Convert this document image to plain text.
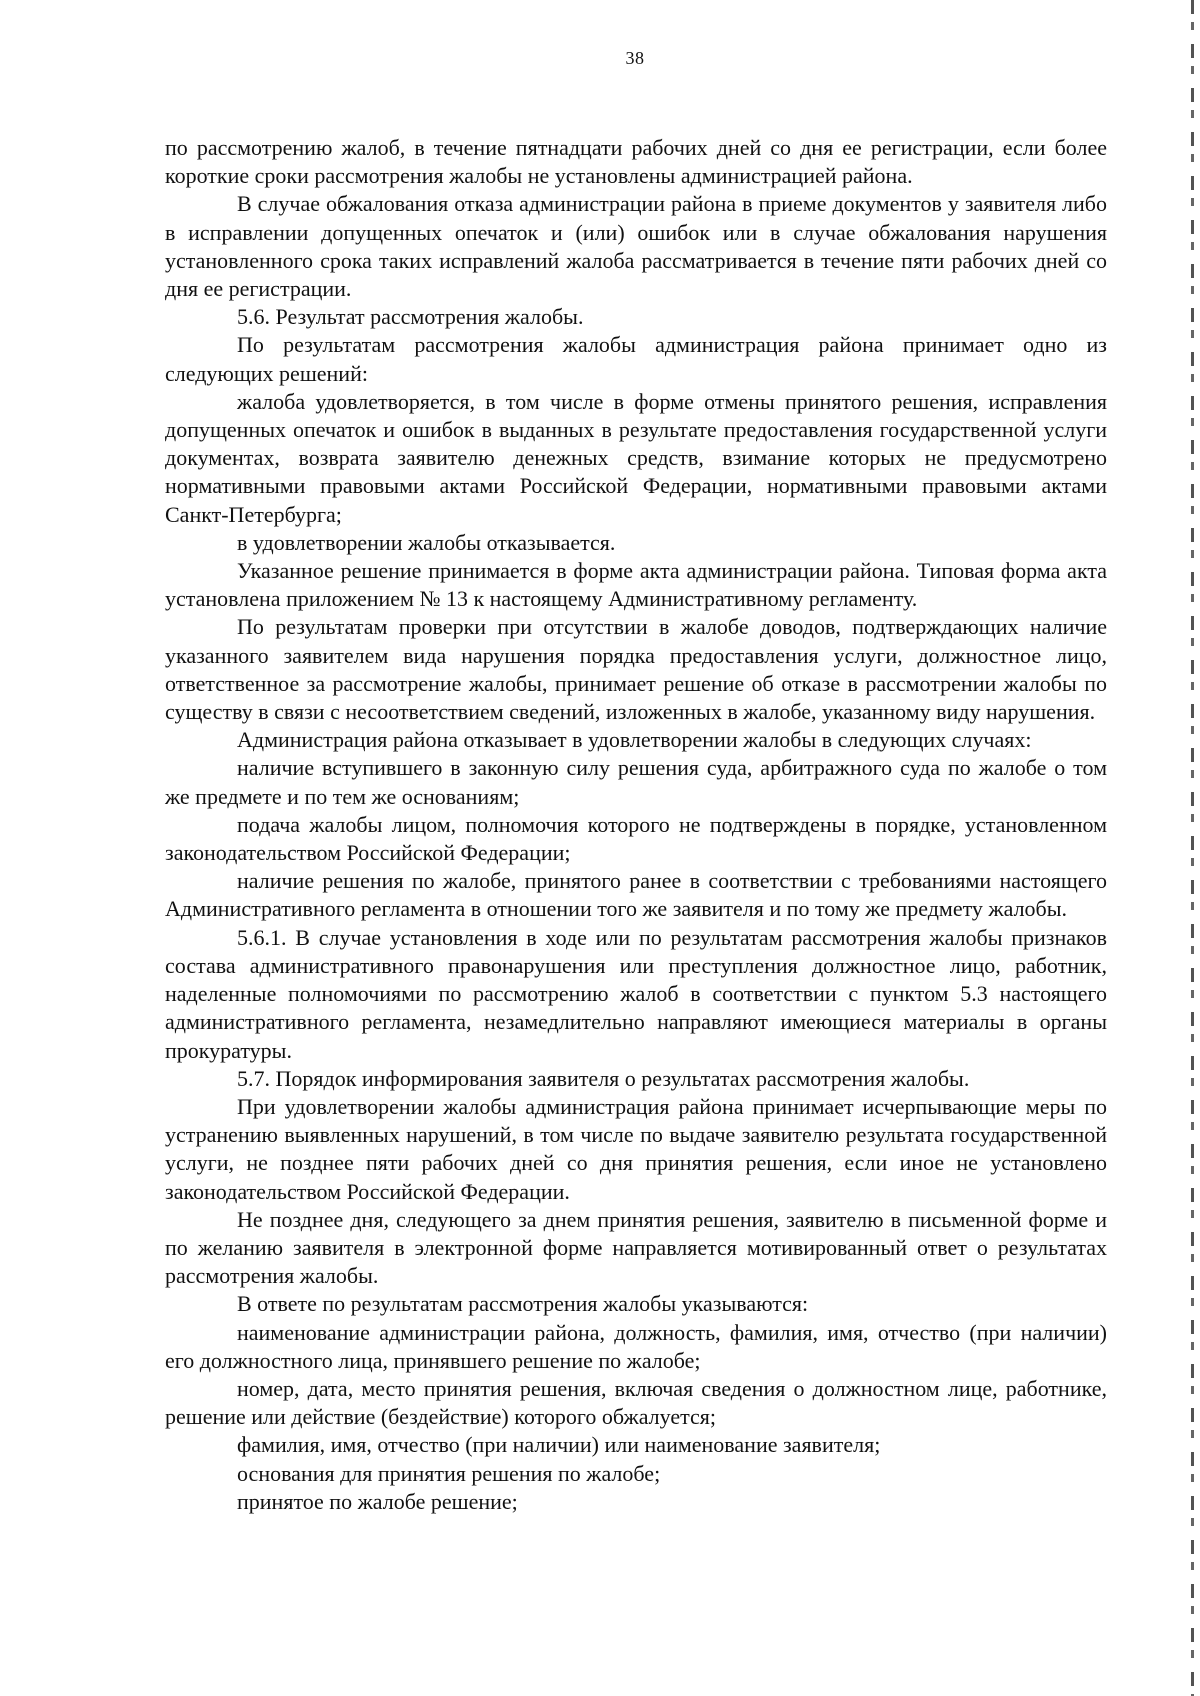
38

по рассмотрению жалоб, в течение пятнадцати рабочих дней со дня ее регистрации, если более короткие сроки рассмотрения жалобы не установлены администрацией района.

В случае обжалования отказа администрации района в приеме документов у заявителя либо в исправлении допущенных опечаток и (или) ошибок или в случае обжалования нарушения установленного срока таких исправлений жалоба рассматривается в течение пяти рабочих дней со дня ее регистрации.

5.6. Результат рассмотрения жалобы.

По результатам рассмотрения жалобы администрация района принимает одно из следующих решений:

жалоба удовлетворяется, в том числе в форме отмены принятого решения, исправления допущенных опечаток и ошибок в выданных в результате предоставления государственной услуги документах, возврата заявителю денежных средств, взимание которых не предусмотрено нормативными правовыми актами Российской Федерации, нормативными правовыми актами Санкт-Петербурга;

в удовлетворении жалобы отказывается.

Указанное решение принимается в форме акта администрации района. Типовая форма акта установлена приложением № 13 к настоящему Административному регламенту.

По результатам проверки при отсутствии в жалобе доводов, подтверждающих наличие указанного заявителем вида нарушения порядка предоставления услуги, должностное лицо, ответственное за рассмотрение жалобы, принимает решение об отказе в рассмотрении жалобы по существу в связи с несоответствием сведений, изложенных в жалобе, указанному виду нарушения.

Администрация района отказывает в удовлетворении жалобы в следующих случаях:

наличие вступившего в законную силу решения суда, арбитражного суда по жалобе о том же предмете и по тем же основаниям;

подача жалобы лицом, полномочия которого не подтверждены в порядке, установленном законодательством Российской Федерации;

наличие решения по жалобе, принятого ранее в соответствии с требованиями настоящего Административного регламента в отношении того же заявителя и по тому же предмету жалобы.

5.6.1. В случае установления в ходе или по результатам рассмотрения жалобы признаков состава административного правонарушения или преступления должностное лицо, работник, наделенные полномочиями по рассмотрению жалоб в соответствии с пунктом 5.3 настоящего административного регламента, незамедлительно направляют имеющиеся материалы в органы прокуратуры.

5.7. Порядок информирования заявителя о результатах рассмотрения жалобы.

При удовлетворении жалобы администрация района принимает исчерпывающие меры по устранению выявленных нарушений, в том числе по выдаче заявителю результата государственной услуги, не позднее пяти рабочих дней со дня принятия решения, если иное не установлено законодательством Российской Федерации.

Не позднее дня, следующего за днем принятия решения, заявителю в письменной форме и по желанию заявителя в электронной форме направляется мотивированный ответ о результатах рассмотрения жалобы.

В ответе по результатам рассмотрения жалобы указываются:

наименование администрации района, должность, фамилия, имя, отчество (при наличии) его должностного лица, принявшего решение по жалобе;

номер, дата, место принятия решения, включая сведения о должностном лице, работнике, решение или действие (бездействие) которого обжалуется;

фамилия, имя, отчество (при наличии) или наименование заявителя;

основания для принятия решения по жалобе;

принятое по жалобе решение;
